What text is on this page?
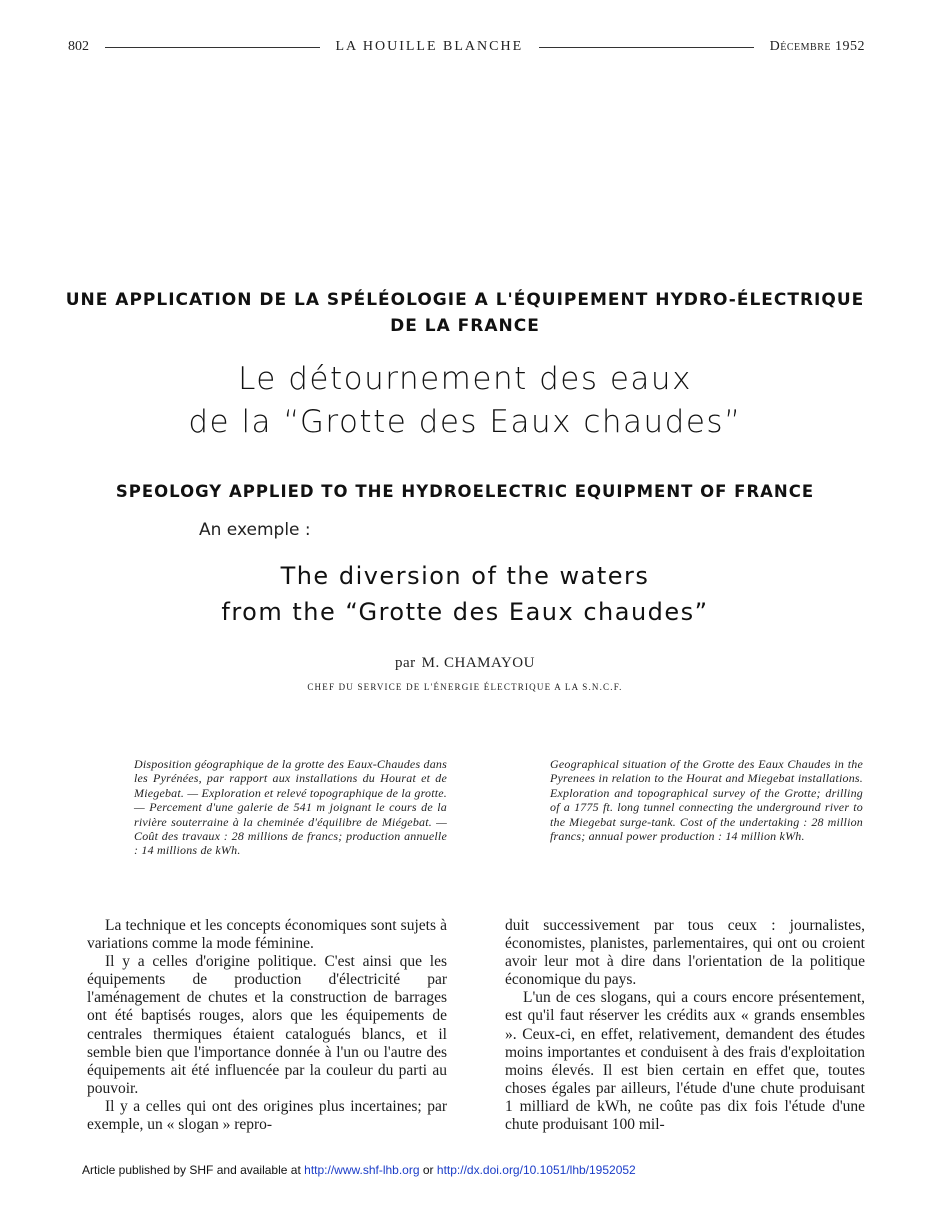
802	LA HOUILLE BLANCHE	Décembre 1952
UNE APPLICATION DE LA SPÉLÉOLOGIE A L'ÉQUIPEMENT HYDRO-ÉLECTRIQUE
DE LA FRANCE
Le détournement des eaux
de la “Grotte des Eaux chaudes”
SPEOLOGY APPLIED TO THE HYDROELECTRIC EQUIPMENT OF FRANCE
An exemple :
The diversion of the waters
from the “Grotte des Eaux chaudes”
par M. CHAMAYOU
CHEF DU SERVICE DE L'ÉNERGIE ÉLECTRIQUE A LA S.N.C.F.
Disposition géographique de la grotte des Eaux-Chaudes dans les Pyrénées, par rapport aux installations du Hourat et de Miegebat. — Exploration et relevé topographique de la grotte. — Percement d'une galerie de 541 m joignant le cours de la rivière souterraine à la cheminée d'équilibre de Miégebat. — Coût des travaux : 28 millions de francs; production annuelle : 14 millions de kWh.
Geographical situation of the Grotte des Eaux Chaudes in the Pyrenees in relation to the Hourat and Miegebat installations. Exploration and topographical survey of the Grotte; drilling of a 1775 ft. long tunnel connecting the underground river to the Miegebat surge-tank. Cost of the undertaking : 28 million francs; annual power production : 14 million kWh.

La technique et les concepts économiques sont sujets à variations comme la mode féminine.

Il y a celles d'origine politique. C'est ainsi que les équipements de production d'électricité par l'aménagement de chutes et la construction de barrages ont été baptisés rouges, alors que les équipements de centrales thermiques étaient catalogués blancs, et il semble bien que l'importance donnée à l'un ou l'autre des équipements ait été influencée par la couleur du parti au pouvoir.

Il y a celles qui ont des origines plus incertaines; par exemple, un « slogan » repro-

duit successivement par tous ceux : journalistes, économistes, planistes, parlementaires, qui ont ou croient avoir leur mot à dire dans l'orientation de la politique économique du pays.

L'un de ces slogans, qui a cours encore présentement, est qu'il faut réserver les crédits aux « grands ensembles ». Ceux-ci, en effet, relativement, demandent des études moins importantes et conduisent à des frais d'exploitation moins élevés. Il est bien certain en effet que, toutes choses égales par ailleurs, l'étude d'une chute produisant 1 milliard de kWh, ne coûte pas dix fois l'étude d'une chute produisant 100 mil-

Article published by SHF and available at http://www.shf-lhb.org or http://dx.doi.org/10.1051/lhb/1952052
